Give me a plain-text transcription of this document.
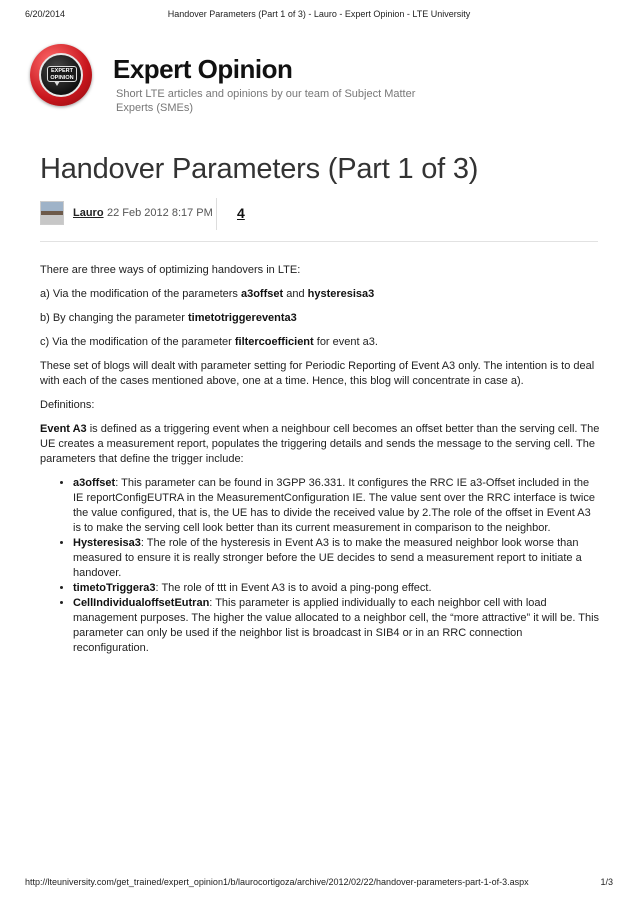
6/20/2014	Handover Parameters (Part 1 of 3) - Lauro - Expert Opinion - LTE University
EXPERT
OPINION Expert Opinion
Short LTE articles and opinions by our team of Subject Matter Experts (SMEs)
Handover Parameters (Part 1 of 3)
Lauro 22 Feb 2012 8:17 PM 4

There are three ways of optimizing handovers in LTE:

a) Via the modification of the parameters a3offset and hysteresisa3

b) By changing the parameter timetotriggereventa3

c) Via the modification of the parameter filtercoefficient for event a3.

These set of blogs will dealt with parameter setting for Periodic Reporting of Event A3 only. The intention is to deal with each of the cases mentioned above, one at a time. Hence, this blog will concentrate in case a).

Definitions:

Event A3 is defined as a triggering event when a neighbour cell becomes an offset better than the serving cell. The UE creates a measurement report, populates the triggering details and sends the message to the serving cell. The parameters that define the trigger include:

• a3offset: This parameter can be found in 3GPP 36.331. It configures the RRC IE a3-Offset included in the IE reportConfigEUTRA in the MeasurementConfiguration IE. The value sent over the RRC interface is twice the value configured, that is, the UE has to divide the received value by 2.The role of the offset in Event A3 is to make the serving cell look better than its current measurement in comparison to the neighbor.
• Hysteresisa3: The role of the hysteresis in Event A3 is to make the measured neighbor look worse than measured to ensure it is really stronger before the UE decides to send a measurement report to initiate a handover.
• timetoTriggera3: The role of ttt in Event A3 is to avoid a ping-pong effect.
• CellIndividualoffsetEutran: This parameter is applied individually to each neighbor cell with load management purposes. The higher the value allocated to a neighbor cell, the “more attractive” it will be. This parameter can only be used if the neighbor list is broadcast in SIB4 or in an RRC connection reconfiguration.
http://lteuniversity.com/get_trained/expert_opinion1/b/laurocortigoza/archive/2012/02/22/handover-parameters-part-1-of-3.aspx	1/3
